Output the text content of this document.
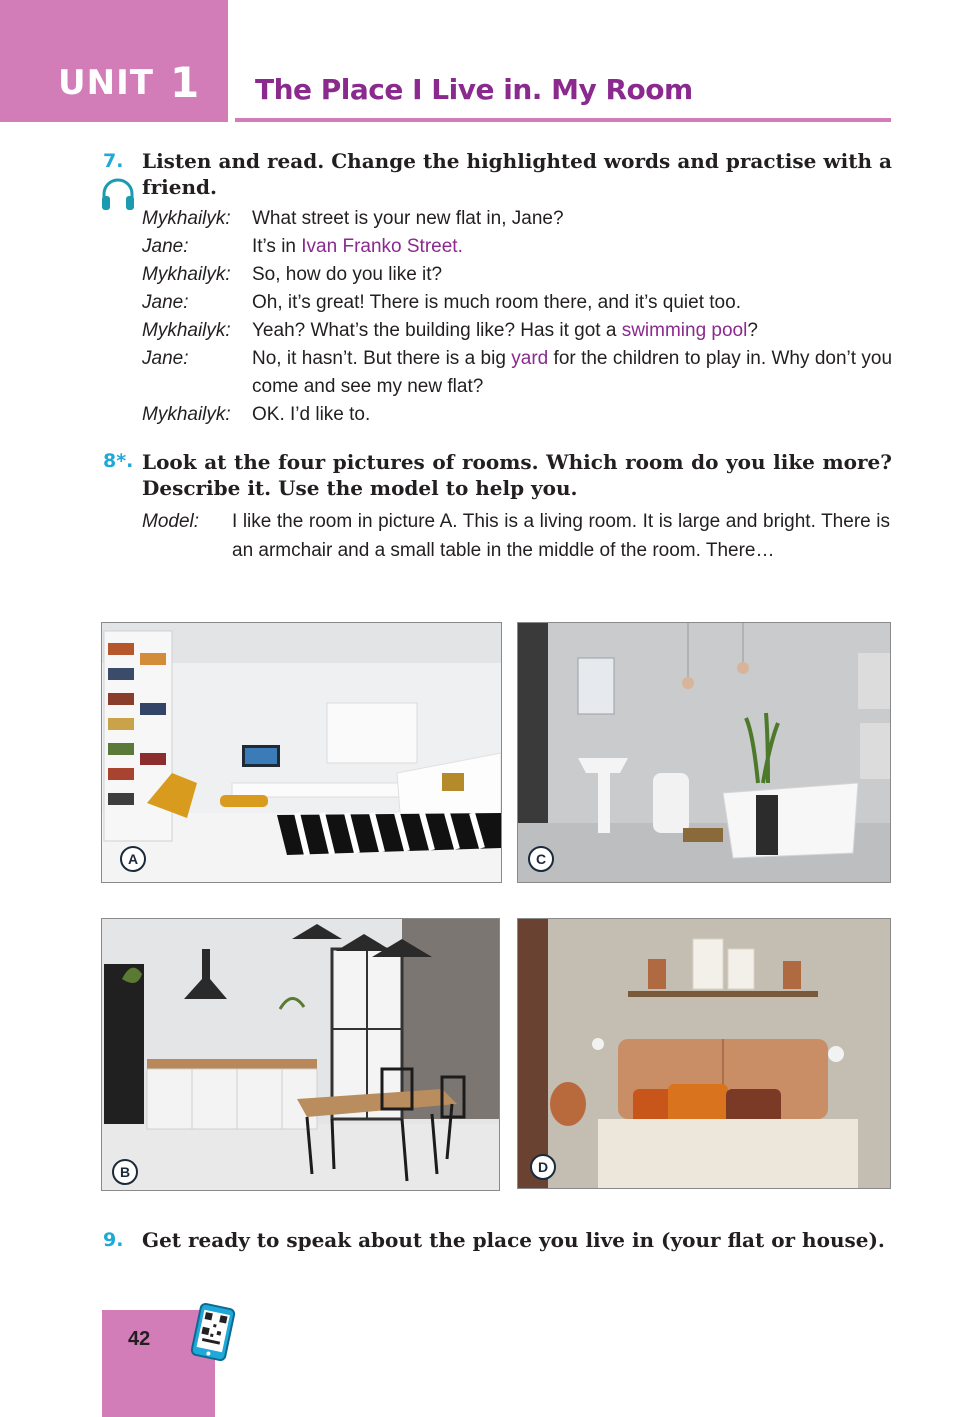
UNIT 1 The Place I Live in. My Room
7. Listen and read. Change the highlighted words and practise with a friend.
Mykhailyk:	What street is your new flat in, Jane?
Jane:	It’s in Ivan Franko Street.
Mykhailyk:	So, how do you like it?
Jane:	Oh, it’s great! There is much room there, and it’s quiet too.
Mykhailyk:	Yeah? What’s the building like? Has it got a swimming pool?
Jane:	No, it hasn’t. But there is a big yard for the children to play in. Why don’t you come and see my new flat?
Mykhailyk:	OK. I’d like to.
8*. Look at the four pictures of rooms. Which room do you like more? Describe it. Use the model to help you.
Model:	I like the room in picture A. This is a living room. It is large and bright. There is an armchair and a small table in the middle of the room. There…
A	C
B	D
9. Get ready to speak about the place you live in (your flat or house).
42
